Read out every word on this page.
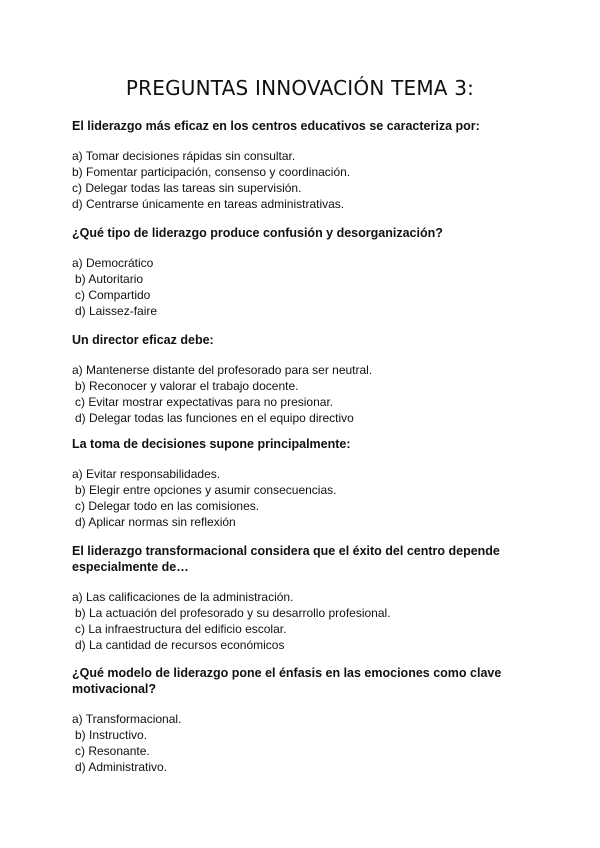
PREGUNTAS INNOVACIÓN TEMA 3:
El liderazgo más eficaz en los centros educativos se caracteriza por:
a) Tomar decisiones rápidas sin consultar.
b) Fomentar participación, consenso y coordinación.
c) Delegar todas las tareas sin supervisión.
d) Centrarse únicamente en tareas administrativas.
¿Qué tipo de liderazgo produce confusión y desorganización?
a) Democrático
b) Autoritario
c) Compartido
d) Laissez-faire
Un director eficaz debe:
a) Mantenerse distante del profesorado para ser neutral.
b) Reconocer y valorar el trabajo docente.
c) Evitar mostrar expectativas para no presionar.
d) Delegar todas las funciones en el equipo directivo
La toma de decisiones supone principalmente:
a) Evitar responsabilidades.
b) Elegir entre opciones y asumir consecuencias.
c) Delegar todo en las comisiones.
d) Aplicar normas sin reflexión
El liderazgo transformacional considera que el éxito del centro depende especialmente de…
a) Las calificaciones de la administración.
b) La actuación del profesorado y su desarrollo profesional.
c) La infraestructura del edificio escolar.
d) La cantidad de recursos económicos
¿Qué modelo de liderazgo pone el énfasis en las emociones como clave motivacional?
a) Transformacional.
b) Instructivo.
c) Resonante.
d) Administrativo.
